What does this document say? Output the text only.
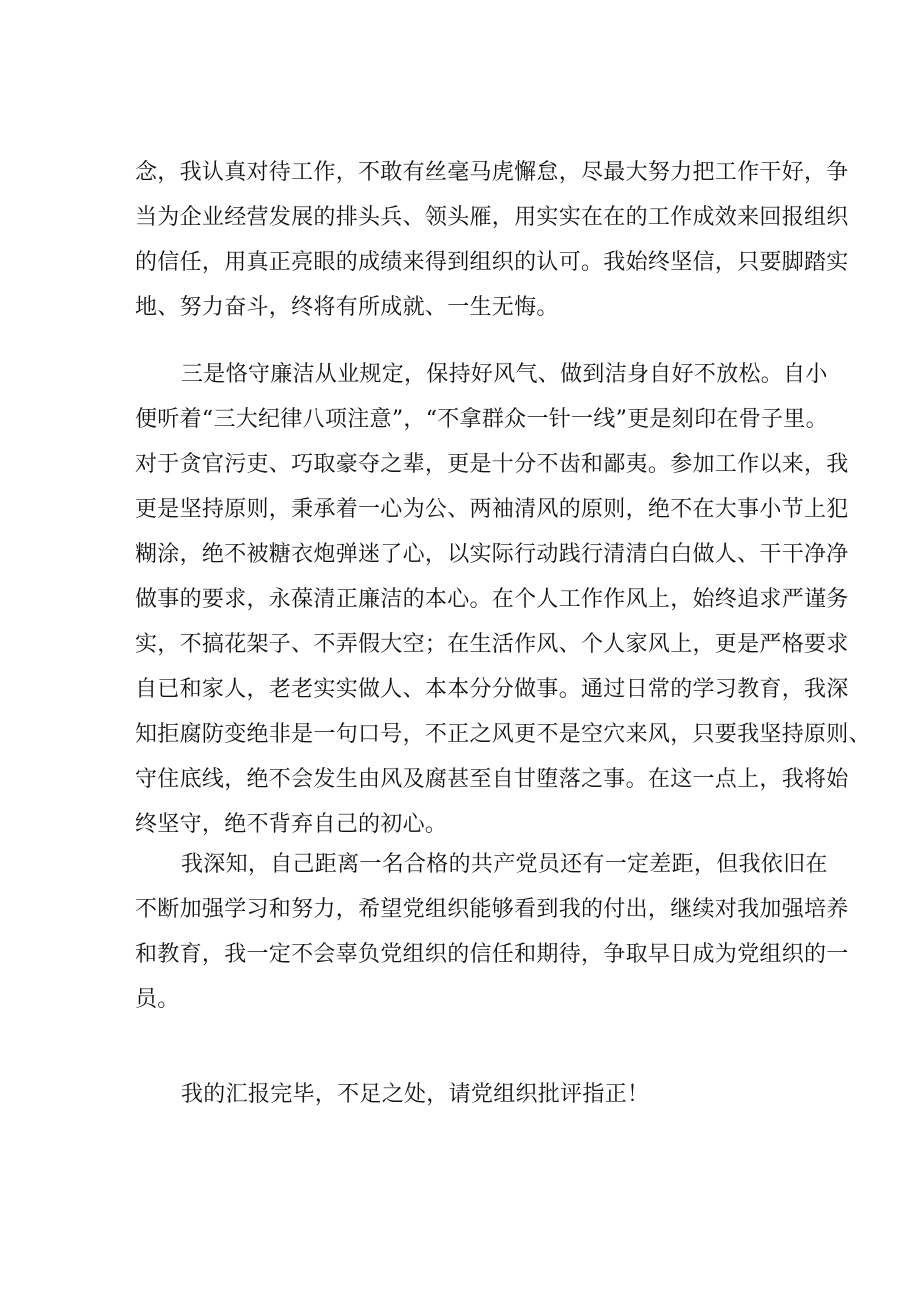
念，我认真对待工作，不敢有丝毫马虎懈怠，尽最大努力把工作干好，争
当为企业经营发展的排头兵、领头雁，用实实在在的工作成效来回报组织
的信任，用真正亮眼的成绩来得到组织的认可。我始终坚信，只要脚踏实
地、努力奋斗，终将有所成就、一生无悔。

三是恪守廉洁从业规定，保持好风气、做到洁身自好不放松。自小
便听着“三大纪律八项注意”，“不拿群众一针一线”更是刻印在骨子里。
对于贪官污吏、巧取豪夺之辈，更是十分不齿和鄙夷。参加工作以来，我
更是坚持原则，秉承着一心为公、两袖清风的原则，绝不在大事小节上犯
糊涂，绝不被糖衣炮弹迷了心，以实际行动践行清清白白做人、干干净净
做事的要求，永葆清正廉洁的本心。在个人工作作风上，始终追求严谨务
实，不搞花架子、不弄假大空；在生活作风、个人家风上，更是严格要求
自已和家人，老老实实做人、本本分分做事。通过日常的学习教育，我深
知拒腐防变绝非是一句口号，不正之风更不是空穴来风，只要我坚持原则、
守住底线，绝不会发生由风及腐甚至自甘堕落之事。在这一点上，我将始
终坚守，绝不背弃自己的初心。

我深知，自己距离一名合格的共产党员还有一定差距，但我依旧在
不断加强学习和努力，希望党组织能够看到我的付出，继续对我加强培养
和教育，我一定不会辜负党组织的信任和期待，争取早日成为党组织的一
员。

我的汇报完毕，不足之处，请党组织批评指正！
